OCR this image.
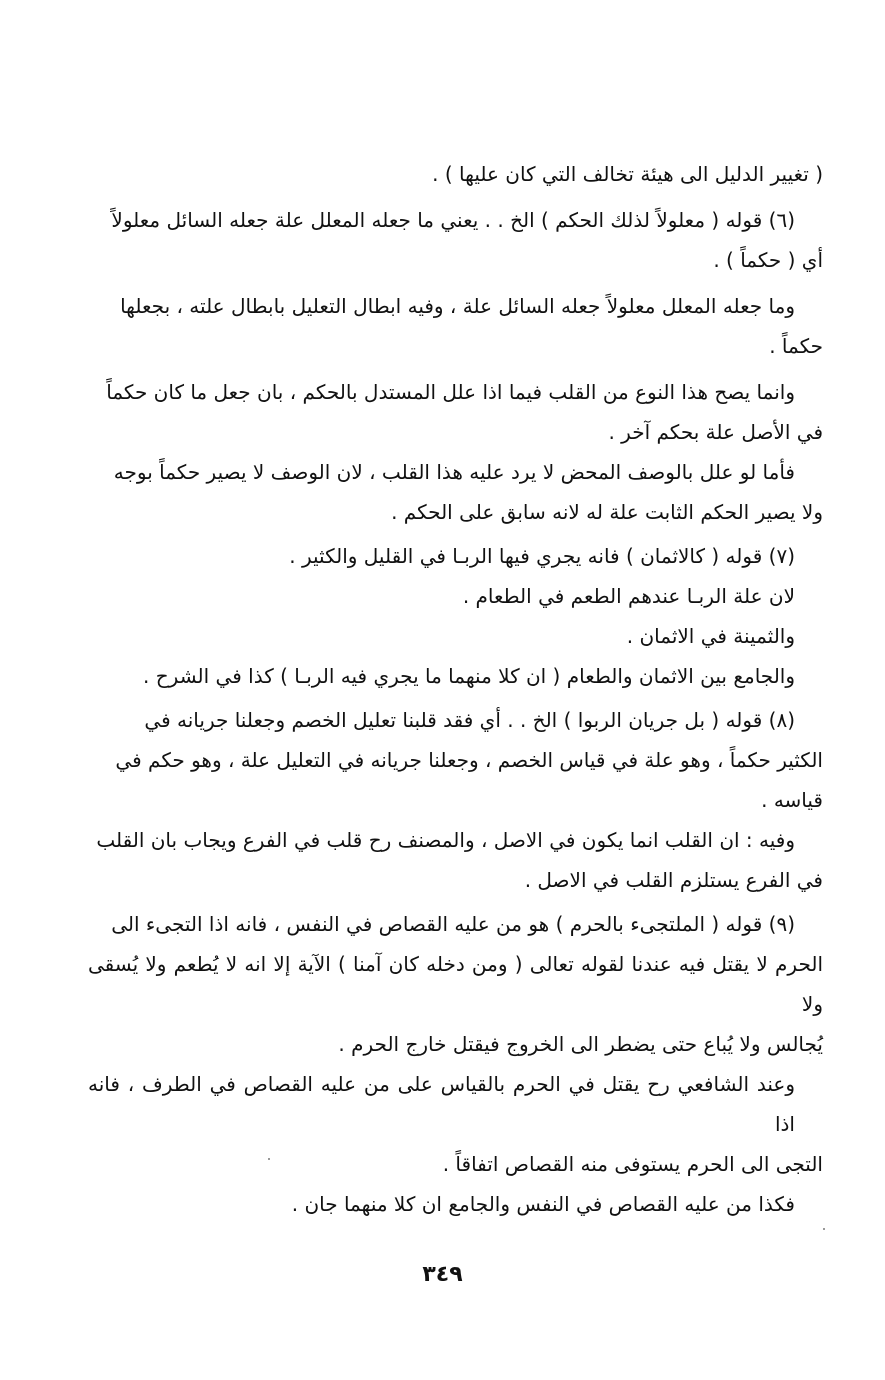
( تغيير الدليل الى هيئة تخالف التي كان عليها ) .

(٦) قوله ( معلولاً لذلك الحكم ) الخ . . يعني ما جعله المعلل علة جعله السائل معلولاً

أي ( حكماً ) .

وما جعله المعلل معلولاً جعله السائل علة ، وفيه ابطال التعليل بابطال علته ، بجعلها

حكماً .

وانما يصح هذا النوع من القلب فيما اذا علل المستدل بالحكم ، بان جعل ما كان حكماً

في الأصل علة بحكم آخر .

فأما لو علل بالوصف المحض لا يرد عليه هذا القلب ، لان الوصف لا يصير حكماً بوجه

ولا يصير الحكم الثابت علة له لانه سابق على الحكم .

(٧) قوله ( كالاثمان ) فانه يجري فيها الربـا في القليل والكثير .

لان علة الربـا عندهم الطعم في الطعام .

والثمينة في الاثمان .

والجامع بين الاثمان والطعام ( ان كلا منهما ما يجري فيه الربـا ) كذا في الشرح .

(٨) قوله ( بل جريان الربوا ) الخ . . أي فقد قلبنا تعليل الخصم وجعلنا جريانه في

الكثير حكماً ، وهو علة في قياس الخصم ، وجعلنا جريانه في التعليل علة ، وهو حكم في

قياسه .

وفيه : ان القلب انما يكون في الاصل ، والمصنف رح قلب في الفرع ويجاب بان القلب

في الفرع يستلزم القلب في الاصل .

(٩) قوله ( الملتجىء بالحرم ) هو من عليه القصاص في النفس ، فانه اذا التجىء الى

الحرم لا يقتل فيه عندنا لقوله تعالى ( ومن دخله كان آمنا ) الآية إلا انه لا يُطعم ولا يُسقى ولا

يُجالس ولا يُباع حتى يضطر الى الخروج فيقتل خارج الحرم .

وعند الشافعي رح يقتل في الحرم بالقياس على من عليه القصاص في الطرف ، فانه اذا

التجى الى الحرم يستوفى منه القصاص اتفاقاً .

فكذا من عليه القصاص في النفس والجامع ان كلا منهما جان .

٣٤٩
